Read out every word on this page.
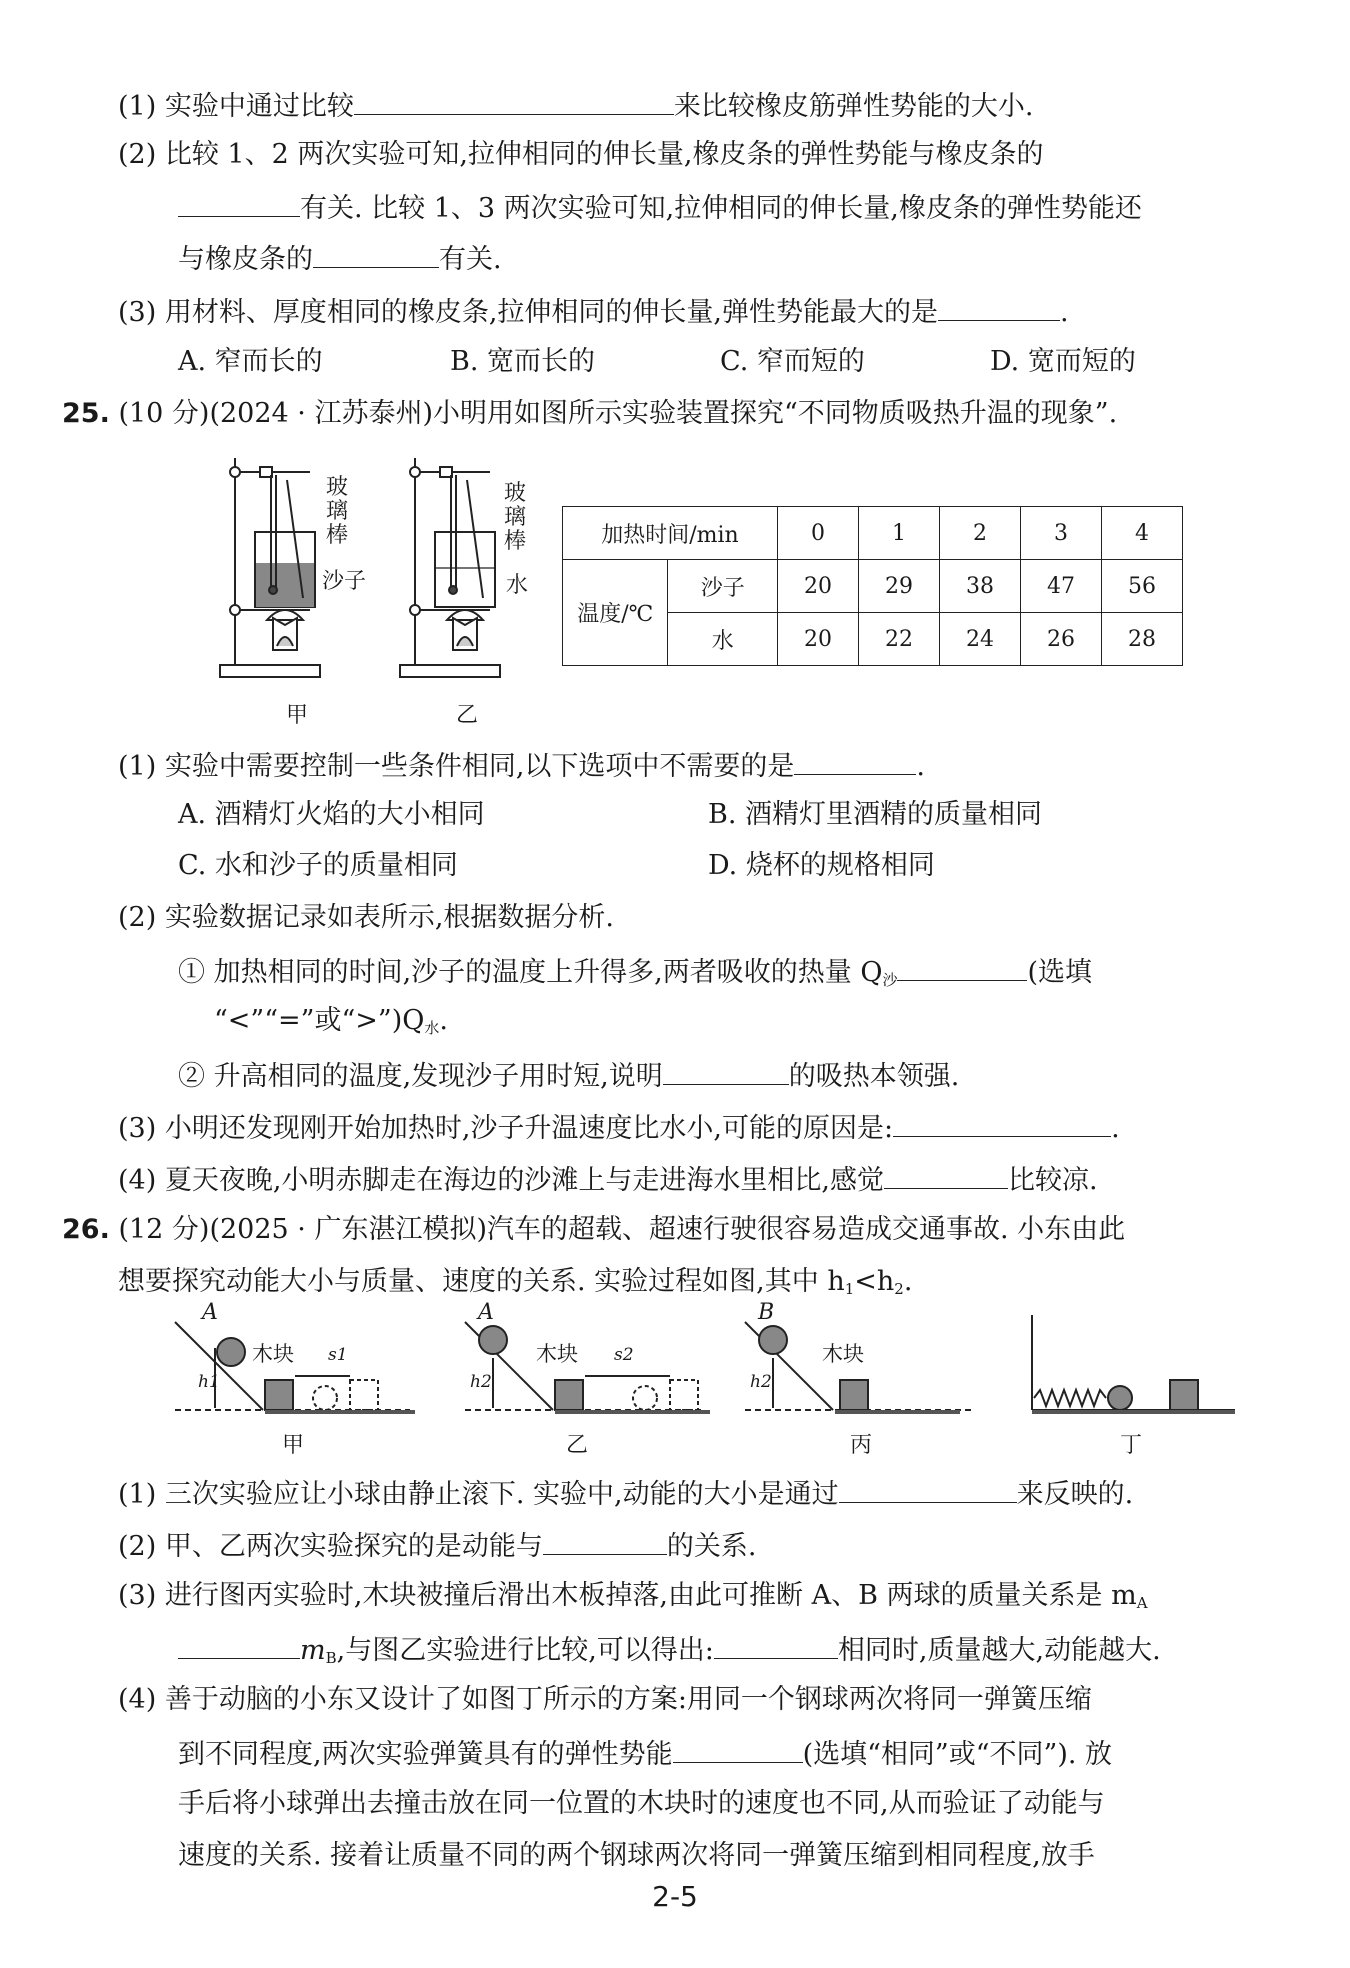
(1) 实验中通过比较	来比较橡皮筋弹性势能的大小.
(2) 比较 1、2 两次实验可知,拉伸相同的伸长量,橡皮条的弹性势能与橡皮条的
有关. 比较 1、3 两次实验可知,拉伸相同的伸长量,橡皮条的弹性势能还
与橡皮条的	有关.
(3) 用材料、厚度相同的橡皮条,拉伸相同的伸长量,弹性势能最大的是	.
A. 窄而长的	B. 宽而长的	C. 窄而短的	D. 宽而短的
25. (10 分)(2024 · 江苏泰州)小明用如图所示实验装置探究“不同物质吸热升温的现象”.
玻璃棒
沙子
玻璃棒
水
甲	乙
加热时间/min		0	1	2	3	4
温度/℃	沙子	20	29	38	47	56
	水	20	22	24	26	28
(1) 实验中需要控制一些条件相同,以下选项中不需要的是	.
A. 酒精灯火焰的大小相同	B. 酒精灯里酒精的质量相同
C. 水和沙子的质量相同	D. 烧杯的规格相同
(2) 实验数据记录如表所示,根据数据分析.
① 加热相同的时间,沙子的温度上升得多,两者吸收的热量 $Q_沙$	(选填
“<”“=”或“$>”)Q_水$.
② 升高相同的温度,发现沙子用时短,说明	的吸热本领强.
(3) 小明还发现刚开始加热时,沙子升温速度比水小,可能的原因是:	.
(4) 夏天夜晚,小明赤脚走在海边的沙滩上与走进海水里相比,感觉	比较凉.
26. (12 分)(2025 · 广东湛江模拟)汽车的超载、超速行驶很容易造成交通事故. 小东由此
想要探究动能大小与质量、速度的关系. 实验过程如图,其中 $h_1<h_2$.
A
木块 s1
h1
A
木块 s2
h2
B
木块
h2
甲	乙	丙	丁
(1) 三次实验应让小球由静止滚下. 实验中,动能的大小是通过	来反映的.
(2) 甲、乙两次实验探究的是动能与	的关系.
(3) 进行图丙实验时,木块被撞后滑出木板掉落,由此可推断 A、B 两球的质量关系是 $m_A$
$m_B$,与图乙实验进行比较,可以得出:	相同时,质量越大,动能越大.
(4) 善于动脑的小东又设计了如图丁所示的方案:用同一个钢球两次将同一弹簧压缩
到不同程度,两次实验弹簧具有的弹性势能	(选填“相同”或“不同”). 放
手后将小球弹出去撞击放在同一位置的木块时的速度也不同,从而验证了动能与
速度的关系. 接着让质量不同的两个钢球两次将同一弹簧压缩到相同程度,放手
2-5
